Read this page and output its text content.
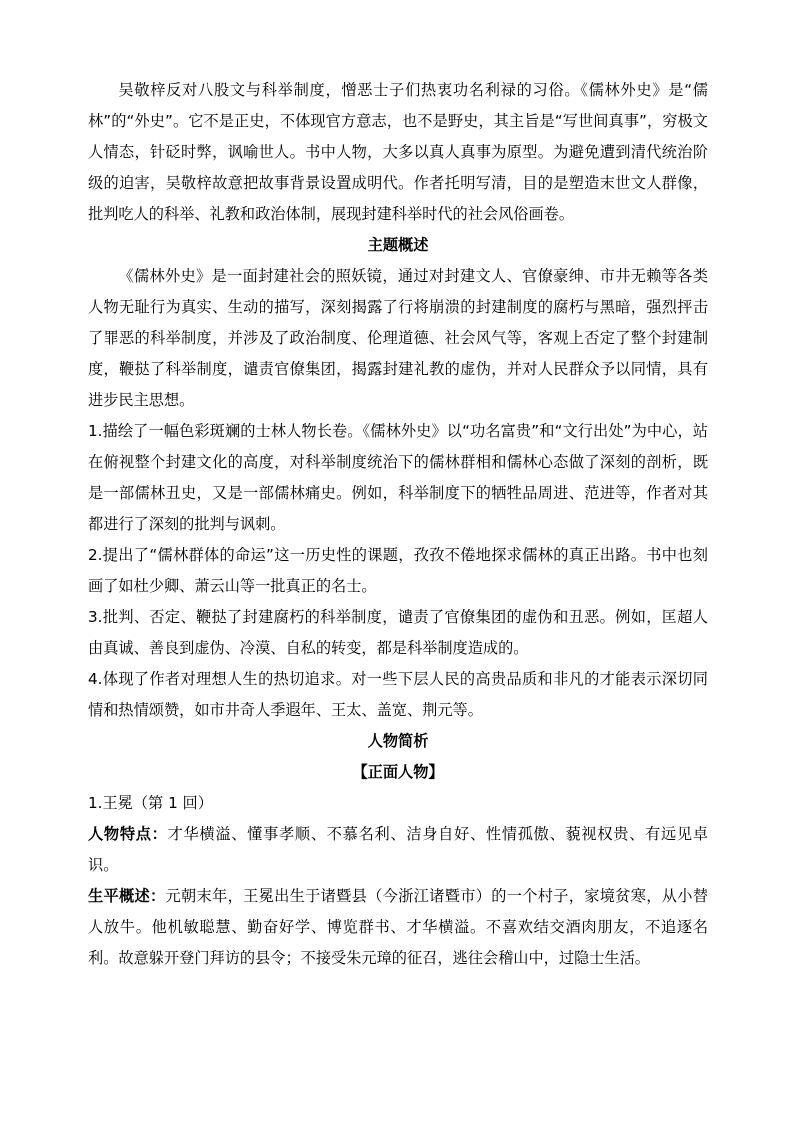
吴敬梓反对八股文与科举制度，憎恶士子们热衷功名利禄的习俗。《儒林外史》是“儒林”的“外史”。它不是正史，不体现官方意志，也不是野史，其主旨是“写世间真事”，穷极文人情态，针砭时弊，讽喻世人。书中人物，大多以真人真事为原型。为避免遭到清代统治阶级的迫害，吴敬梓故意把故事背景设置成明代。作者托明写清，目的是塑造末世文人群像，批判吃人的科举、礼教和政治体制，展现封建科举时代的社会风俗画卷。

主题概述

《儒林外史》是一面封建社会的照妖镜，通过对封建文人、官僚豪绅、市井无赖等各类人物无耻行为真实、生动的描写，深刻揭露了行将崩溃的封建制度的腐朽与黑暗，强烈抨击了罪恶的科举制度，并涉及了政治制度、伦理道德、社会风气等，客观上否定了整个封建制度，鞭挞了科举制度，谴责官僚集团，揭露封建礼教的虚伪，并对人民群众予以同情，具有进步民主思想。

1.描绘了一幅色彩斑斓的士林人物长卷。《儒林外史》以“功名富贵”和“文行出处”为中心，站在俯视整个封建文化的高度，对科举制度统治下的儒林群相和儒林心态做了深刻的剖析，既是一部儒林丑史，又是一部儒林痛史。例如，科举制度下的牺牲品周进、范进等，作者对其都进行了深刻的批判与讽刺。

2.提出了“儒林群体的命运”这一历史性的课题，孜孜不倦地探求儒林的真正出路。书中也刻画了如杜少卿、萧云山等一批真正的名士。

3.批判、否定、鞭挞了封建腐朽的科举制度，谴责了官僚集团的虚伪和丑恶。例如，匡超人由真诚、善良到虚伪、冷漠、自私的转变，都是科举制度造成的。

4.体现了作者对理想人生的热切追求。对一些下层人民的高贵品质和非凡的才能表示深切同情和热情颂赞，如市井奇人季遐年、王太、盖宽、荆元等。

人物简析

【正面人物】

1.王冕（第 1 回）

人物特点：才华横溢、懂事孝顺、不慕名利、洁身自好、性情孤傲、藐视权贵、有远见卓识。

生平概述：元朝末年，王冕出生于诸暨县（今浙江诸暨市）的一个村子，家境贫寒，从小替人放牛。他机敏聪慧、勤奋好学、博览群书、才华横溢。不喜欢结交酒肉朋友，不追逐名利。故意躲开登门拜访的县令；不接受朱元璋的征召，逃往会稽山中，过隐士生活。
